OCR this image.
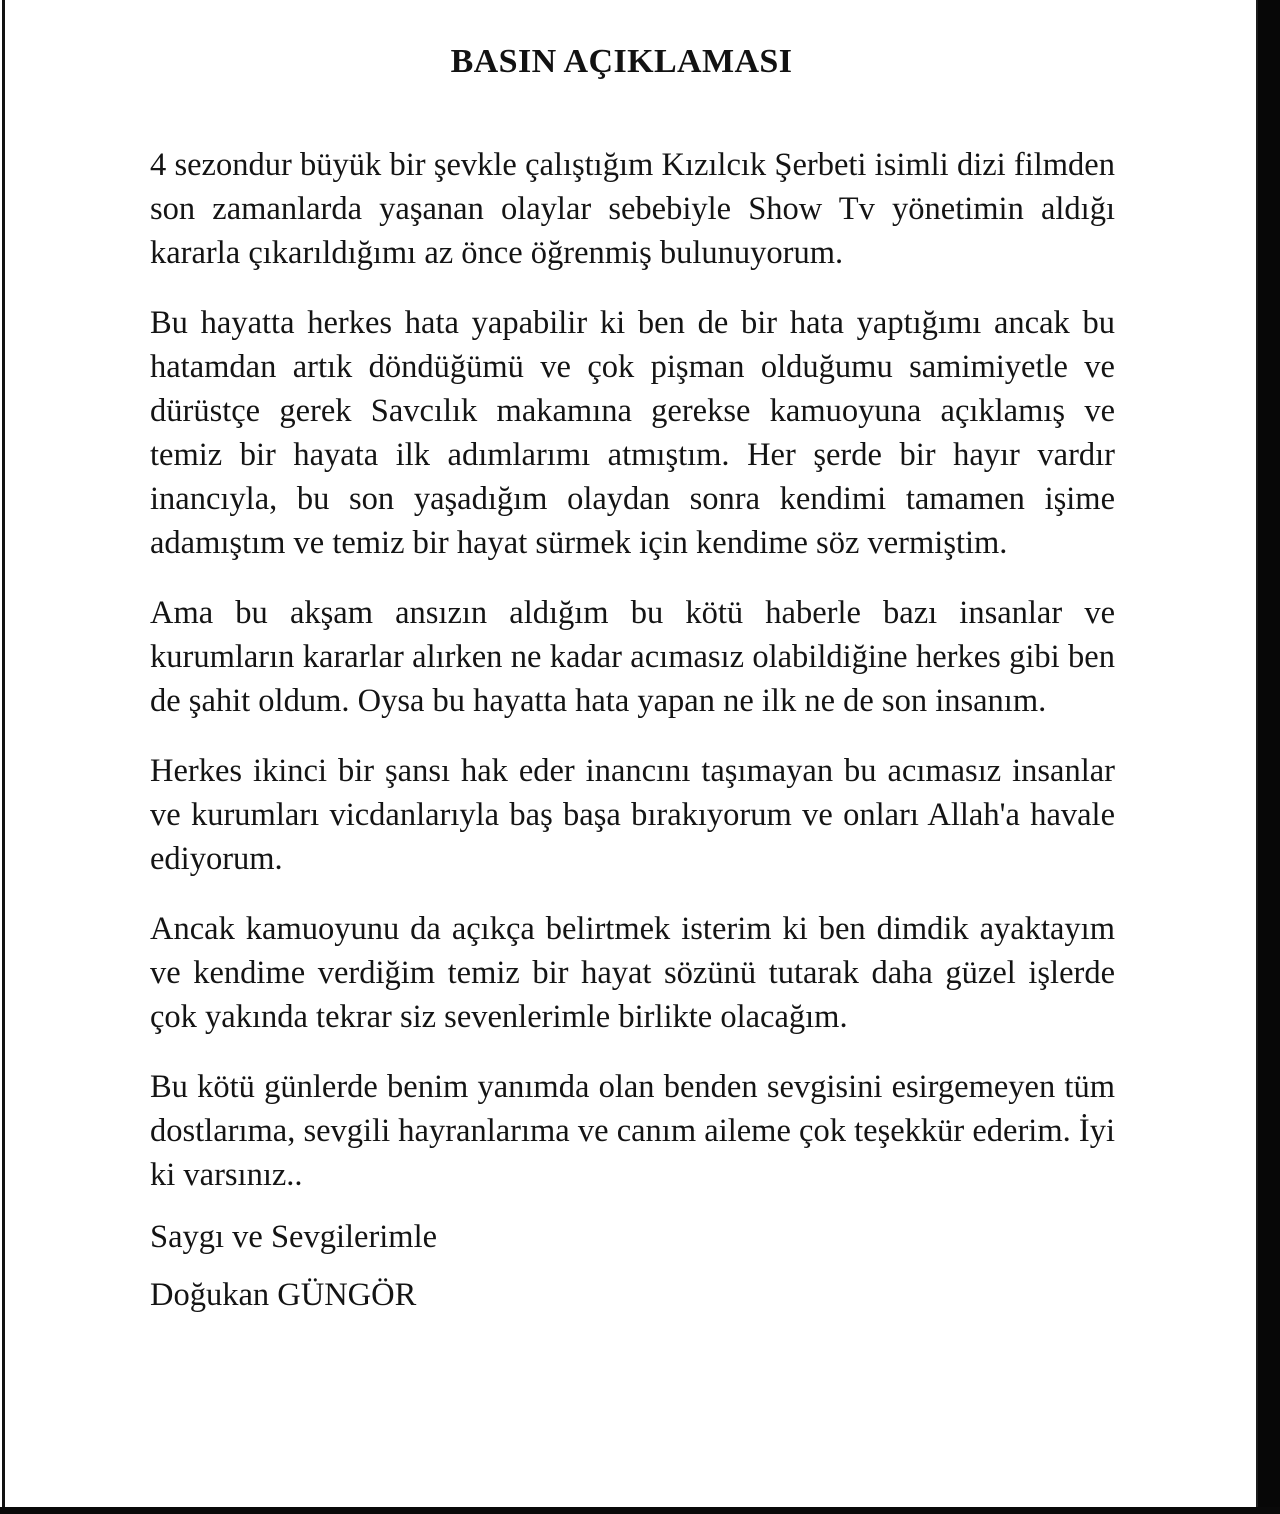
BASIN AÇIKLAMASI

4 sezondur büyük bir şevkle çalıştığım Kızılcık Şerbeti isimli dizi filmden son zamanlarda yaşanan olaylar sebebiyle Show Tv yönetimin aldığı kararla çıkarıldığımı az önce öğrenmiş bulunuyorum.

Bu hayatta herkes hata yapabilir ki ben de bir hata yaptığımı ancak bu hatamdan artık döndüğümü ve çok pişman olduğumu samimiyetle ve dürüstçe gerek Savcılık makamına gerekse kamuoyuna açıklamış ve temiz bir hayata ilk adımlarımı atmıştım. Her şerde bir hayır vardır inancıyla, bu son yaşadığım olaydan sonra kendimi tamamen işime adamıştım ve temiz bir hayat sürmek için kendime söz vermiştim.

Ama bu akşam ansızın aldığım bu kötü haberle bazı insanlar ve kurumların kararlar alırken ne kadar acımasız olabildiğine herkes gibi ben de şahit oldum. Oysa bu hayatta hata yapan ne ilk ne de son insanım.

Herkes ikinci bir şansı hak eder inancını taşımayan bu acımasız insanlar ve kurumları vicdanlarıyla baş başa bırakıyorum ve onları Allah'a havale ediyorum.

Ancak kamuoyunu da açıkça belirtmek isterim ki ben dimdik ayaktayım ve kendime verdiğim temiz bir hayat sözünü tutarak daha güzel işlerde çok yakında tekrar siz sevenlerimle birlikte olacağım.

Bu kötü günlerde benim yanımda olan benden sevgisini esirgemeyen tüm dostlarıma, sevgili hayranlarıma ve canım aileme çok teşekkür ederim. İyi ki varsınız..

Saygı ve Sevgilerimle

Doğukan GÜNGÖR
